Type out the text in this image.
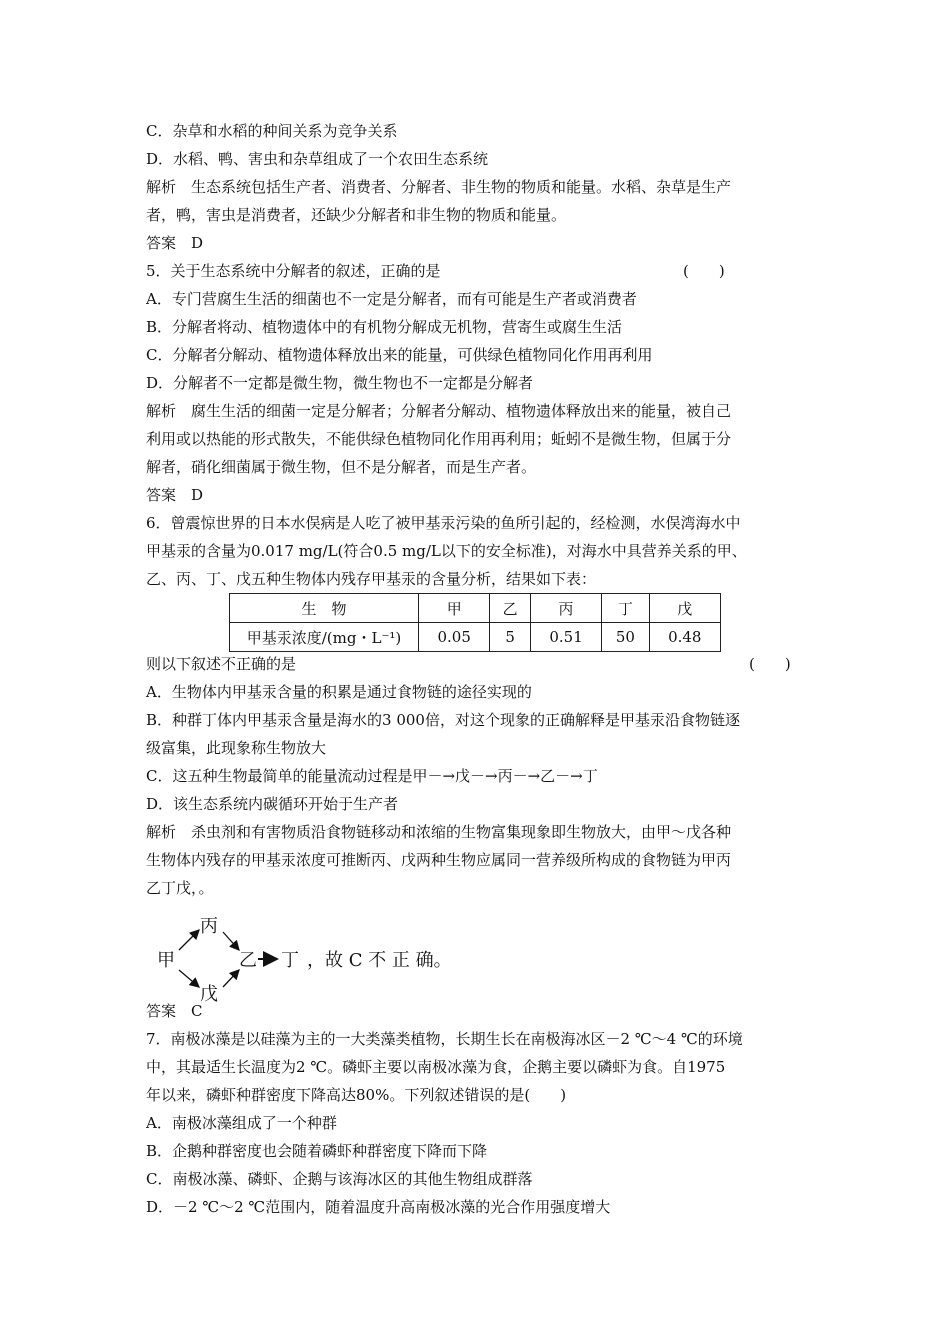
C．杂草和水稻的种间关系为竞争关系
D．水稻、鸭、害虫和杂草组成了一个农田生态系统
解析　生态系统包括生产者、消费者、分解者、非生物的物质和能量。水稻、杂草是生产
者，鸭，害虫是消费者，还缺少分解者和非生物的物质和能量。
答案　D
5．关于生态系统中分解者的叙述，正确的是	(　　)
A．专门营腐生生活的细菌也不一定是分解者，而有可能是生产者或消费者
B．分解者将动、植物遗体中的有机物分解成无机物，营寄生或腐生生活
C．分解者分解动、植物遗体释放出来的能量，可供绿色植物同化作用再利用
D．分解者不一定都是微生物，微生物也不一定都是分解者
解析　腐生生活的细菌一定是分解者；分解者分解动、植物遗体释放出来的能量，被自己
利用或以热能的形式散失，不能供绿色植物同化作用再利用；蚯蚓不是微生物，但属于分
解者，硝化细菌属于微生物，但不是分解者，而是生产者。
答案　D
6．曾震惊世界的日本水俣病是人吃了被甲基汞污染的鱼所引起的，经检测，水俣湾海水中
甲基汞的含量为0.017 mg/L(符合0.5 mg/L以下的安全标准)，对海水中具营养关系的甲、
乙、丙、丁、戊五种生物体内残存甲基汞的含量分析，结果如下表：
生　物	甲	乙	丙	丁	戊
甲基汞浓度/(mg・L⁻¹)	0.05	5	0.51	50	0.48
则以下叙述不正确的是	(　　)
A．生物体内甲基汞含量的积累是通过食物链的途径实现的
B．种群丁体内甲基汞含量是海水的3 000倍，对这个现象的正确解释是甲基汞沿食物链逐
级富集，此现象称生物放大
C．这五种生物最简单的能量流动过程是甲－→戊－→丙－→乙－→丁
D．该生态系统内碳循环开始于生产者
解析　杀虫剂和有害物质沿食物链移动和浓缩的生物富集现象即生物放大，由甲～戊各种
生物体内残存的甲基汞浓度可推断丙、戊两种生物应属同一营养级所构成的食物链为甲丙
乙丁戊，。
甲
丙
戊
乙 丁 ，故 C 不 正 确。
答案　C
7．南极冰藻是以硅藻为主的一大类藻类植物，长期生长在南极海冰区－2 ℃～4 ℃的环境
中，其最适生长温度为2 ℃。磷虾主要以南极冰藻为食，企鹅主要以磷虾为食。自1975
年以来，磷虾种群密度下降高达80%。下列叙述错误的是(　　)
A．南极冰藻组成了一个种群
B．企鹅种群密度也会随着磷虾种群密度下降而下降
C．南极冰藻、磷虾、企鹅与该海冰区的其他生物组成群落
D．－2 ℃～2 ℃范围内，随着温度升高南极冰藻的光合作用强度增大
